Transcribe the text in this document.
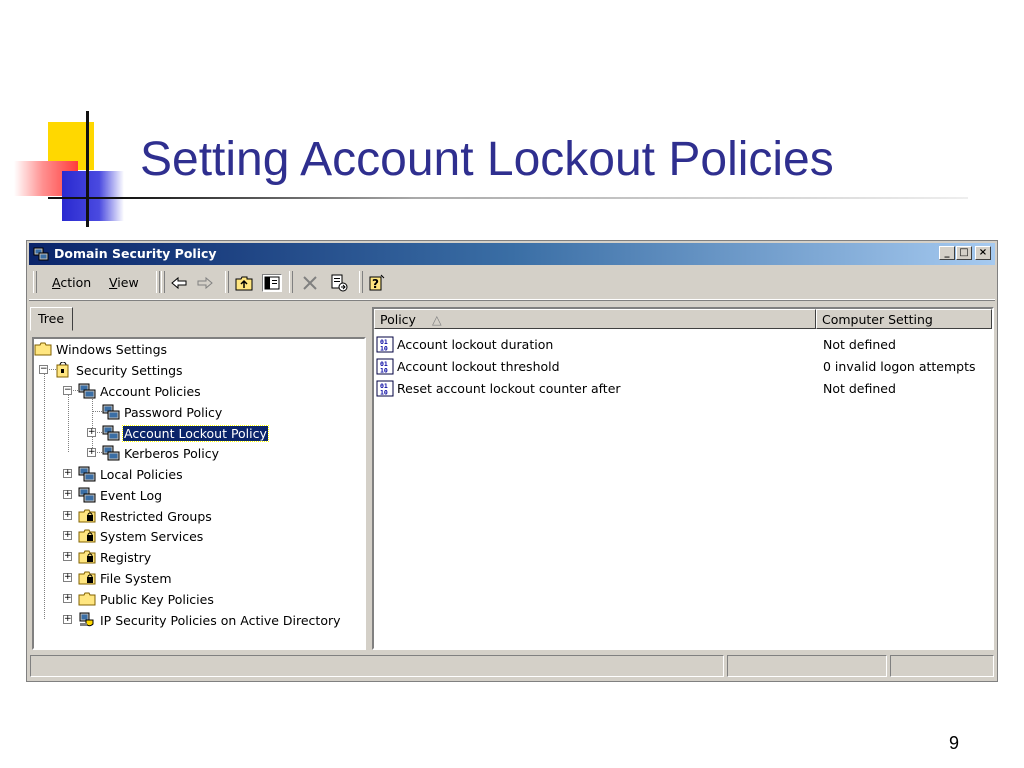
Setting Account Lockout Policies
9
Domain Security Policy	_ □	×
Action View	?
Tree
−
−
+
+
+
+
+
+
+
+
+
+
Windows Settings
Security Settings
Account Policies
Password Policy
Account Lockout Policy
Kerberos Policy
Local Policies
Event Log
Restricted Groups
System Services
Registry
File System
Public Key Policies
IP Security Policies on Active Directory
Policy △	Computer Setting
01
10 Account lockout duration	Not defined
01
10 Account lockout threshold	0 invalid logon attempts
01
10 Reset account lockout counter after	Not defined
